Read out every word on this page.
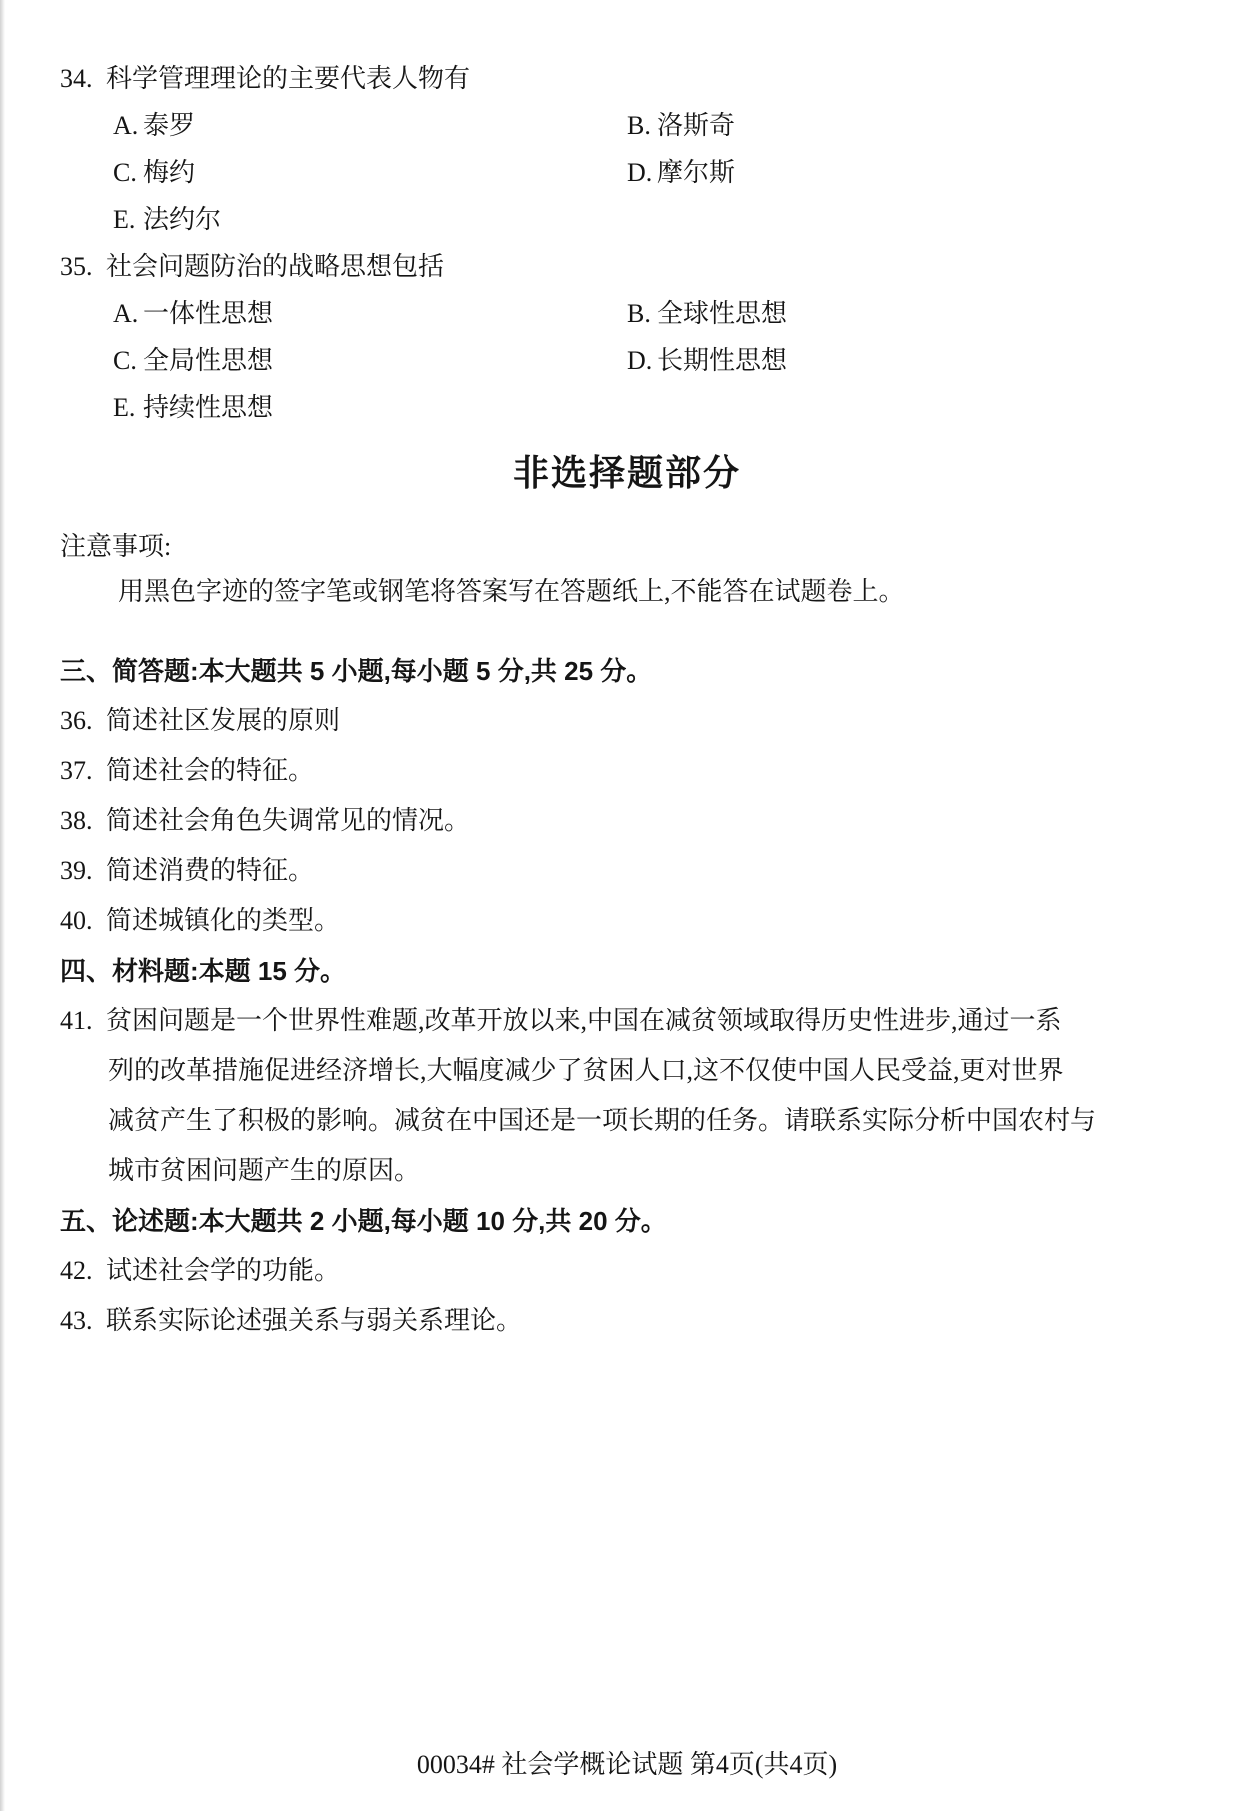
34. 科学管理理论的主要代表人物有
A. 泰罗	B. 洛斯奇
C. 梅约	D. 摩尔斯
E. 法约尔
35. 社会问题防治的战略思想包括
A. 一体性思想	B. 全球性思想
C. 全局性思想	D. 长期性思想
E. 持续性思想
非选择题部分
注意事项:
用黑色字迹的签字笔或钢笔将答案写在答题纸上,不能答在试题卷上。
三、简答题:本大题共 5 小题,每小题 5 分,共 25 分。
36. 简述社区发展的原则
37. 简述社会的特征。
38. 简述社会角色失调常见的情况。
39. 简述消费的特征。
40. 简述城镇化的类型。
四、材料题:本题 15 分。
41. 贫困问题是一个世界性难题,改革开放以来,中国在减贫领域取得历史性进步,通过一系
列的改革措施促进经济增长,大幅度减少了贫困人口,这不仅使中国人民受益,更对世界
减贫产生了积极的影响。减贫在中国还是一项长期的任务。请联系实际分析中国农村与
城市贫困问题产生的原因。
五、论述题:本大题共 2 小题,每小题 10 分,共 20 分。
42. 试述社会学的功能。
43. 联系实际论述强关系与弱关系理论。
00034# 社会学概论试题 第4页(共4页)
